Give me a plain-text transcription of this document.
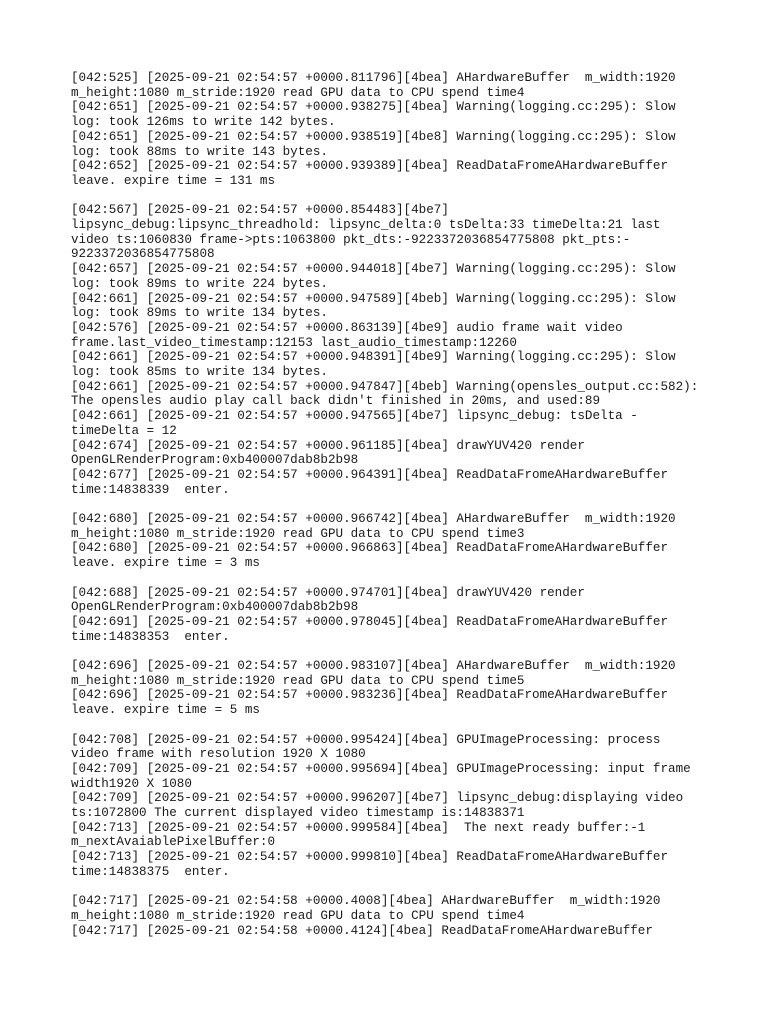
[042:525] [2025-09-21 02:54:57 +0000.811796][4bea] AHardwareBuffer  m_width:1920
m_height:1080 m_stride:1920 read GPU data to CPU spend time4
[042:651] [2025-09-21 02:54:57 +0000.938275][4bea] Warning(logging.cc:295): Slow
log: took 126ms to write 142 bytes.
[042:651] [2025-09-21 02:54:57 +0000.938519][4be8] Warning(logging.cc:295): Slow
log: took 88ms to write 143 bytes.
[042:652] [2025-09-21 02:54:57 +0000.939389][4bea] ReadDataFromeAHardwareBuffer
leave. expire time = 131 ms
[042:567] [2025-09-21 02:54:57 +0000.854483][4be7]
lipsync_debug:lipsync_threadhold: lipsync_delta:0 tsDelta:33 timeDelta:21 last
video ts:1060830 frame->pts:1063800 pkt_dts:-9223372036854775808 pkt_pts:-
9223372036854775808
[042:657] [2025-09-21 02:54:57 +0000.944018][4be7] Warning(logging.cc:295): Slow
log: took 89ms to write 224 bytes.
[042:661] [2025-09-21 02:54:57 +0000.947589][4beb] Warning(logging.cc:295): Slow
log: took 89ms to write 134 bytes.
[042:576] [2025-09-21 02:54:57 +0000.863139][4be9] audio frame wait video
frame.last_video_timestamp:12153 last_audio_timestamp:12260
[042:661] [2025-09-21 02:54:57 +0000.948391][4be9] Warning(logging.cc:295): Slow
log: took 85ms to write 134 bytes.
[042:661] [2025-09-21 02:54:57 +0000.947847][4beb] Warning(opensles_output.cc:582):
The opensles audio play call back didn't finished in 20ms, and used:89
[042:661] [2025-09-21 02:54:57 +0000.947565][4be7] lipsync_debug: tsDelta -
timeDelta = 12
[042:674] [2025-09-21 02:54:57 +0000.961185][4bea] drawYUV420 render
OpenGLRenderProgram:0xb400007dab8b2b98
[042:677] [2025-09-21 02:54:57 +0000.964391][4bea] ReadDataFromeAHardwareBuffer
time:14838339  enter.
[042:680] [2025-09-21 02:54:57 +0000.966742][4bea] AHardwareBuffer  m_width:1920
m_height:1080 m_stride:1920 read GPU data to CPU spend time3
[042:680] [2025-09-21 02:54:57 +0000.966863][4bea] ReadDataFromeAHardwareBuffer
leave. expire time = 3 ms
[042:688] [2025-09-21 02:54:57 +0000.974701][4bea] drawYUV420 render
OpenGLRenderProgram:0xb400007dab8b2b98
[042:691] [2025-09-21 02:54:57 +0000.978045][4bea] ReadDataFromeAHardwareBuffer
time:14838353  enter.
[042:696] [2025-09-21 02:54:57 +0000.983107][4bea] AHardwareBuffer  m_width:1920
m_height:1080 m_stride:1920 read GPU data to CPU spend time5
[042:696] [2025-09-21 02:54:57 +0000.983236][4bea] ReadDataFromeAHardwareBuffer
leave. expire time = 5 ms
[042:708] [2025-09-21 02:54:57 +0000.995424][4bea] GPUImageProcessing: process
video frame with resolution 1920 X 1080
[042:709] [2025-09-21 02:54:57 +0000.995694][4bea] GPUImageProcessing: input frame
width1920 X 1080
[042:709] [2025-09-21 02:54:57 +0000.996207][4be7] lipsync_debug:displaying video
ts:1072800 The current displayed video timestamp is:14838371
[042:713] [2025-09-21 02:54:57 +0000.999584][4bea]  The next ready buffer:-1
m_nextAvaiablePixelBuffer:0
[042:713] [2025-09-21 02:54:57 +0000.999810][4bea] ReadDataFromeAHardwareBuffer
time:14838375  enter.
[042:717] [2025-09-21 02:54:58 +0000.4008][4bea] AHardwareBuffer  m_width:1920
m_height:1080 m_stride:1920 read GPU data to CPU spend time4
[042:717] [2025-09-21 02:54:58 +0000.4124][4bea] ReadDataFromeAHardwareBuffer
